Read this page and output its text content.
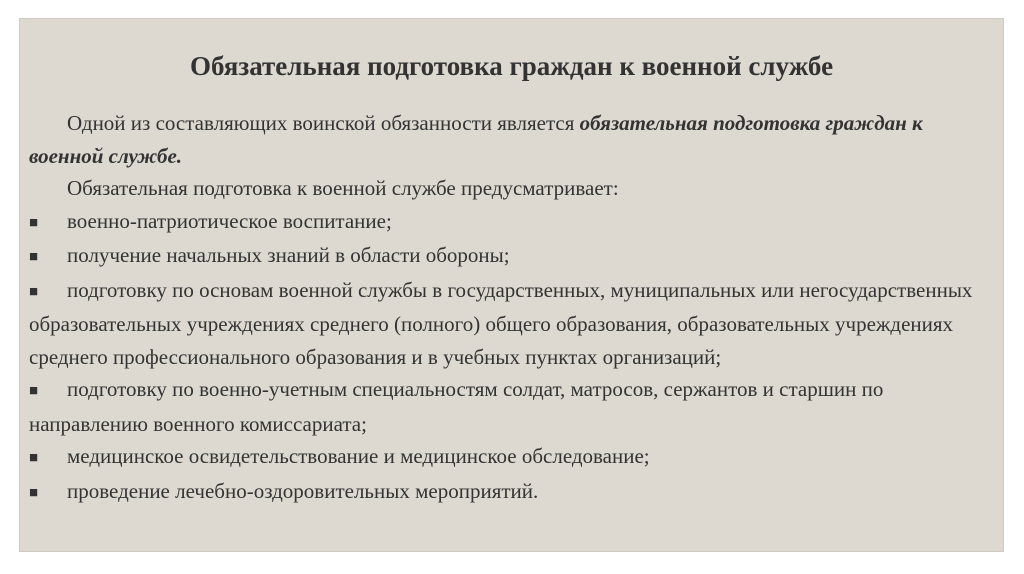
Обязательная подготовка граждан к военной службе

Одной из составляющих воинской обязанности является обязательная подготовка граждан к военной службе.

Обязательная подготовка к военной службе предусматривает:

■ военно-патриотическое воспитание;

■ получение начальных знаний в области обороны;

■ подготовку по основам военной службы в государственных, муниципальных или негосударственных образовательных учреждениях среднего (полного) общего образования, образовательных учреждениях среднего профессионального образования и в учебных пунктах организаций;

■ подготовку по военно-учетным специальностям солдат, матросов, сержантов и старшин по направлению военного комиссариата;

■ медицинское освидетельствование и медицинское обследование;

■ проведение лечебно-оздоровительных мероприятий.
